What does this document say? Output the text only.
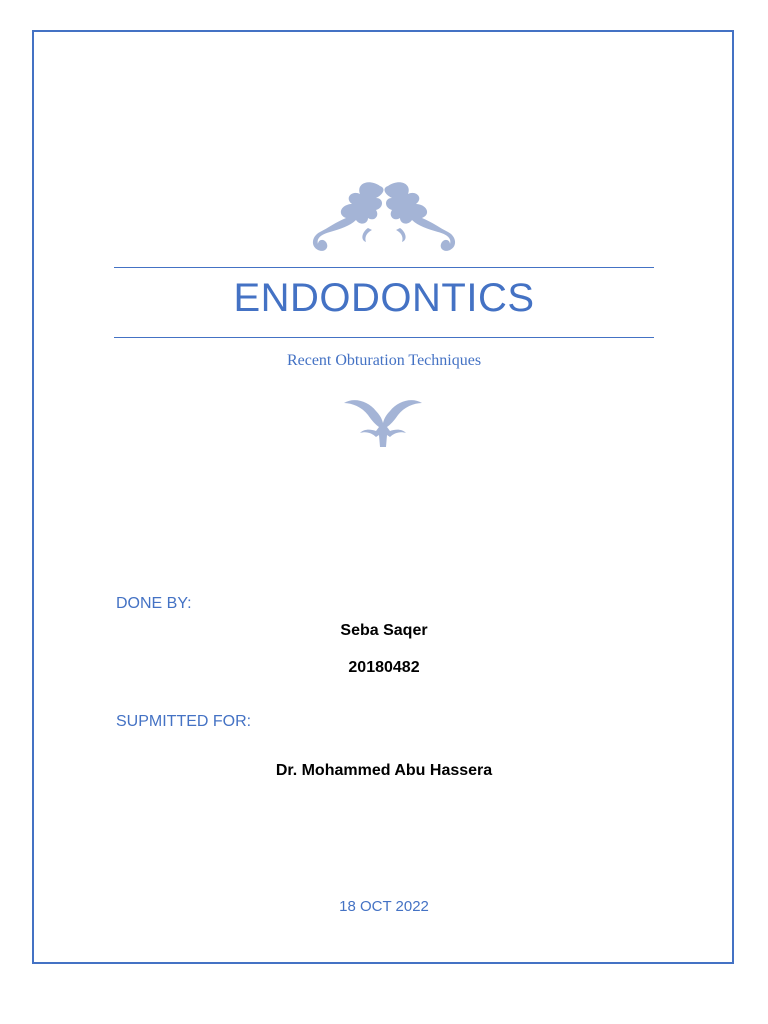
ENDODONTICS
Recent Obturation Techniques
DONE BY:
Seba Saqer
20180482
SUPMITTED FOR:
Dr. Mohammed Abu Hassera
18 OCT 2022
